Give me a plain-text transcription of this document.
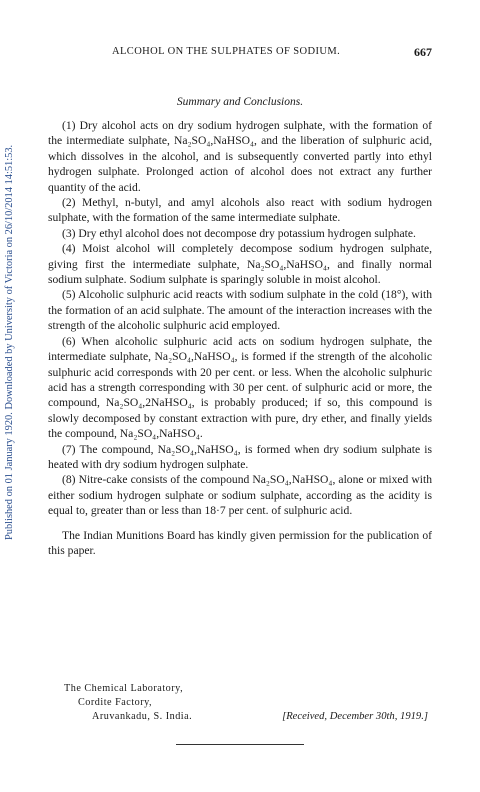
Published on 01 January 1920. Downloaded by University of Victoria on 26/10/2014 14:51:53.
ALCOHOL ON THE SULPHATES OF SODIUM.	667
Summary and Conclusions.

(1) Dry alcohol acts on dry sodium hydrogen sulphate, with the formation of the intermediate sulphate, Na₂SO₄,NaHSO₄, and the liberation of sulphuric acid, which dissolves in the alcohol, and is subsequently converted partly into ethyl hydrogen sulphate. Prolonged action of alcohol does not extract any further quantity of the acid.

(2) Methyl, n-butyl, and amyl alcohols also react with sodium hydrogen sulphate, with the formation of the same intermediate sulphate.

(3) Dry ethyl alcohol does not decompose dry potassium hydrogen sulphate.

(4) Moist alcohol will completely decompose sodium hydrogen sulphate, giving first the intermediate sulphate, Na₂SO₄,NaHSO₄, and finally normal sodium sulphate. Sodium sulphate is sparingly soluble in moist alcohol.

(5) Alcoholic sulphuric acid reacts with sodium sulphate in the cold (18°), with the formation of an acid sulphate. The amount of the interaction increases with the strength of the alcoholic sulphuric acid employed.

(6) When alcoholic sulphuric acid acts on sodium hydrogen sulphate, the intermediate sulphate, Na₂SO₄,NaHSO₄, is formed if the strength of the alcoholic sulphuric acid corresponds with 20 per cent. or less. When the alcoholic sulphuric acid has a strength corresponding with 30 per cent. of sulphuric acid or more, the compound, Na₂SO₄,2NaHSO₄, is probably produced; if so, this compound is slowly decomposed by constant extraction with pure, dry ether, and finally yields the compound, Na₂SO₄,NaHSO₄.

(7) The compound, Na₂SO₄,NaHSO₄, is formed when dry sodium sulphate is heated with dry sodium hydrogen sulphate.

(8) Nitre-cake consists of the compound Na₂SO₄,NaHSO₄, alone or mixed with either sodium hydrogen sulphate or sodium sulphate, according as the acidity is equal to, greater than or less than 18·7 per cent. of sulphuric acid.

The Indian Munitions Board has kindly given permission for the publication of this paper.

The Chemical Laboratory,
Cordite Factory,
Aruvankadu, S. India.	[Received, December 30th, 1919.]
